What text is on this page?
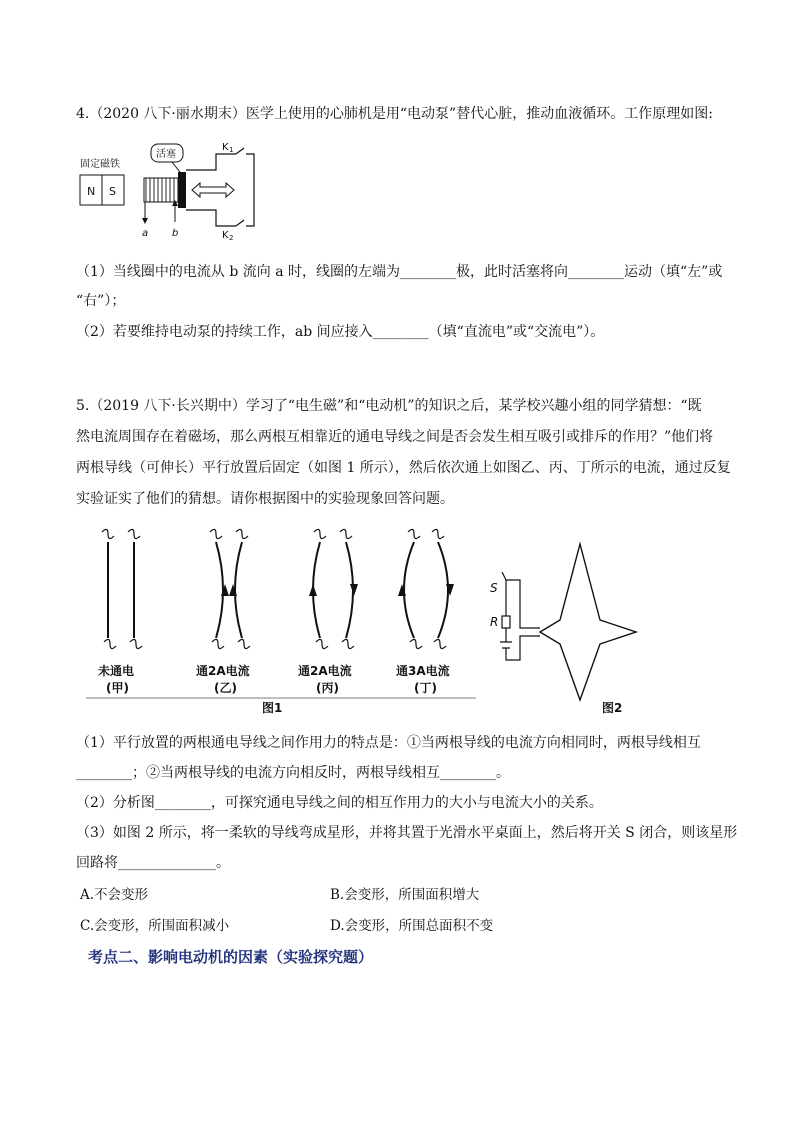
4.（2020 八下·丽水期末）医学上使用的心肺机是用“电动泵”替代心脏，推动血液循环。工作原理如图:
固定磁铁
N S
活塞
K 1
K 2
a b
（1）当线圈中的电流从 b 流向 a 时，线圈的左端为________极，此时活塞将向________运动（填“左”或
“右”）；
（2）若要维持电动泵的持续工作，ab 间应接入________（填“直流电”或“交流电”）。
5.（2019 八下·长兴期中）学习了“电生磁”和“电动机”的知识之后，某学校兴趣小组的同学猜想：“既
然电流周围存在着磁场，那么两根互相靠近的通电导线之间是否会发生相互吸引或排斥的作用？”他们将
两根导线（可伸长）平行放置后固定（如图 1 所示），然后依次通上如图乙、丙、丁所示的电流，通过反复
实验证实了他们的猜想。请你根据图中的实验现象回答问题。
未通电
(甲)
通2A电流
(乙)
通2A电流
(丙)
通3A电流
(丁)
图1
S
R
图2
（1）平行放置的两根通电导线之间作用力的特点是：①当两根导线的电流方向相同时，两根导线相互
________；②当两根导线的电流方向相反时，两根导线相互________。
（2）分析图________，可探究通电导线之间的相互作用力的大小与电流大小的关系。
（3）如图 2 所示，将一柔软的导线弯成星形，并将其置于光滑水平桌面上，然后将开关 S 闭合，则该星形
回路将______________。
A.不会变形	B.会变形，所围面积增大
C.会变形，所围面积减小	D.会变形，所围总面积不变
考点二、影响电动机的因素（实验探究题）
